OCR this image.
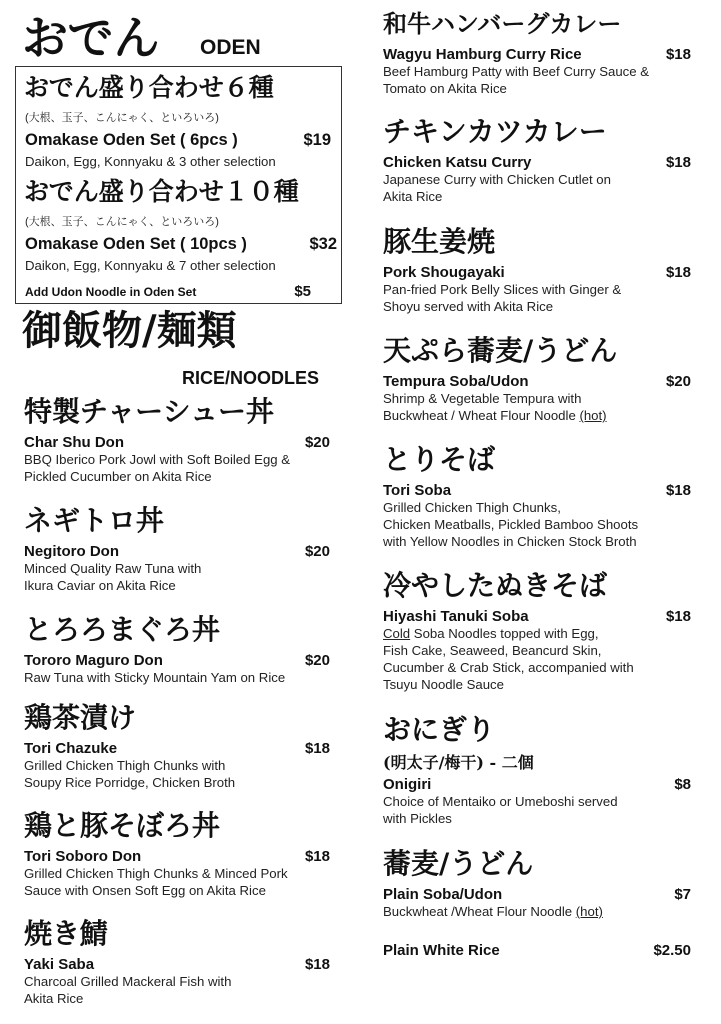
おでん ODEN
おでん盛り合わせ６種
(大根、玉子、こんにゃく、といろいろ)
Omakase Oden Set ( 6pcs )	$19
Daikon, Egg, Konnyaku & 3 other selection
おでん盛り合わせ１０種
(大根、玉子、こんにゃく、といろいろ)
Omakase Oden Set ( 10pcs )	$32
Daikon, Egg, Konnyaku & 7 other selection
Add Udon Noodle in Oden Set	$5
御飯物/麺類
RICE/NOODLES
特製チャーシュー丼
Char Shu Don	$20
BBQ Iberico Pork Jowl with Soft Boiled Egg &
Pickled Cucumber on Akita Rice
ネギトロ丼
Negitoro Don	$20
Minced Quality Raw Tuna with
Ikura Caviar on Akita Rice
とろろまぐろ丼
Tororo Maguro Don	$20
Raw Tuna with Sticky Mountain Yam on Rice
鶏茶漬け
Tori Chazuke	$18
Grilled Chicken Thigh Chunks with
Soupy Rice Porridge, Chicken Broth
鶏と豚そぼろ丼
Tori Soboro Don	$18
Grilled Chicken Thigh Chunks & Minced Pork
Sauce with Onsen Soft Egg on Akita Rice
焼き鯖
Yaki Saba	$18
Charcoal Grilled Mackeral Fish with
Akita Rice
和牛ハンバーグカレー
Wagyu Hamburg Curry Rice	$18
Beef Hamburg Patty with Beef Curry Sauce &
Tomato on Akita Rice
チキンカツカレー
Chicken Katsu Curry	$18
Japanese Curry with Chicken Cutlet on
Akita Rice
豚生姜焼
Pork Shougayaki	$18
Pan-fried Pork Belly Slices with Ginger &
Shoyu served with Akita Rice
天ぷら蕎麦/うどん
Tempura Soba/Udon	$20
Shrimp & Vegetable Tempura with
Buckwheat / Wheat Flour Noodle (hot)
とりそば
Tori Soba	$18
Grilled Chicken Thigh Chunks,
Chicken Meatballs, Pickled Bamboo Shoots
with Yellow Noodles in Chicken Stock Broth
冷やしたぬきそば
Hiyashi Tanuki Soba	$18
Cold Soba Noodles topped with Egg,
Fish Cake, Seaweed, Beancurd Skin,
Cucumber & Crab Stick, accompanied with
Tsuyu Noodle Sauce
おにぎり
(明太子/梅干) - 二個
Onigiri	$8
Choice of Mentaiko or Umeboshi served
with Pickles
蕎麦/うどん
Plain Soba/Udon	$7
Buckwheat /Wheat Flour Noodle (hot)
Plain White Rice	$2.50
